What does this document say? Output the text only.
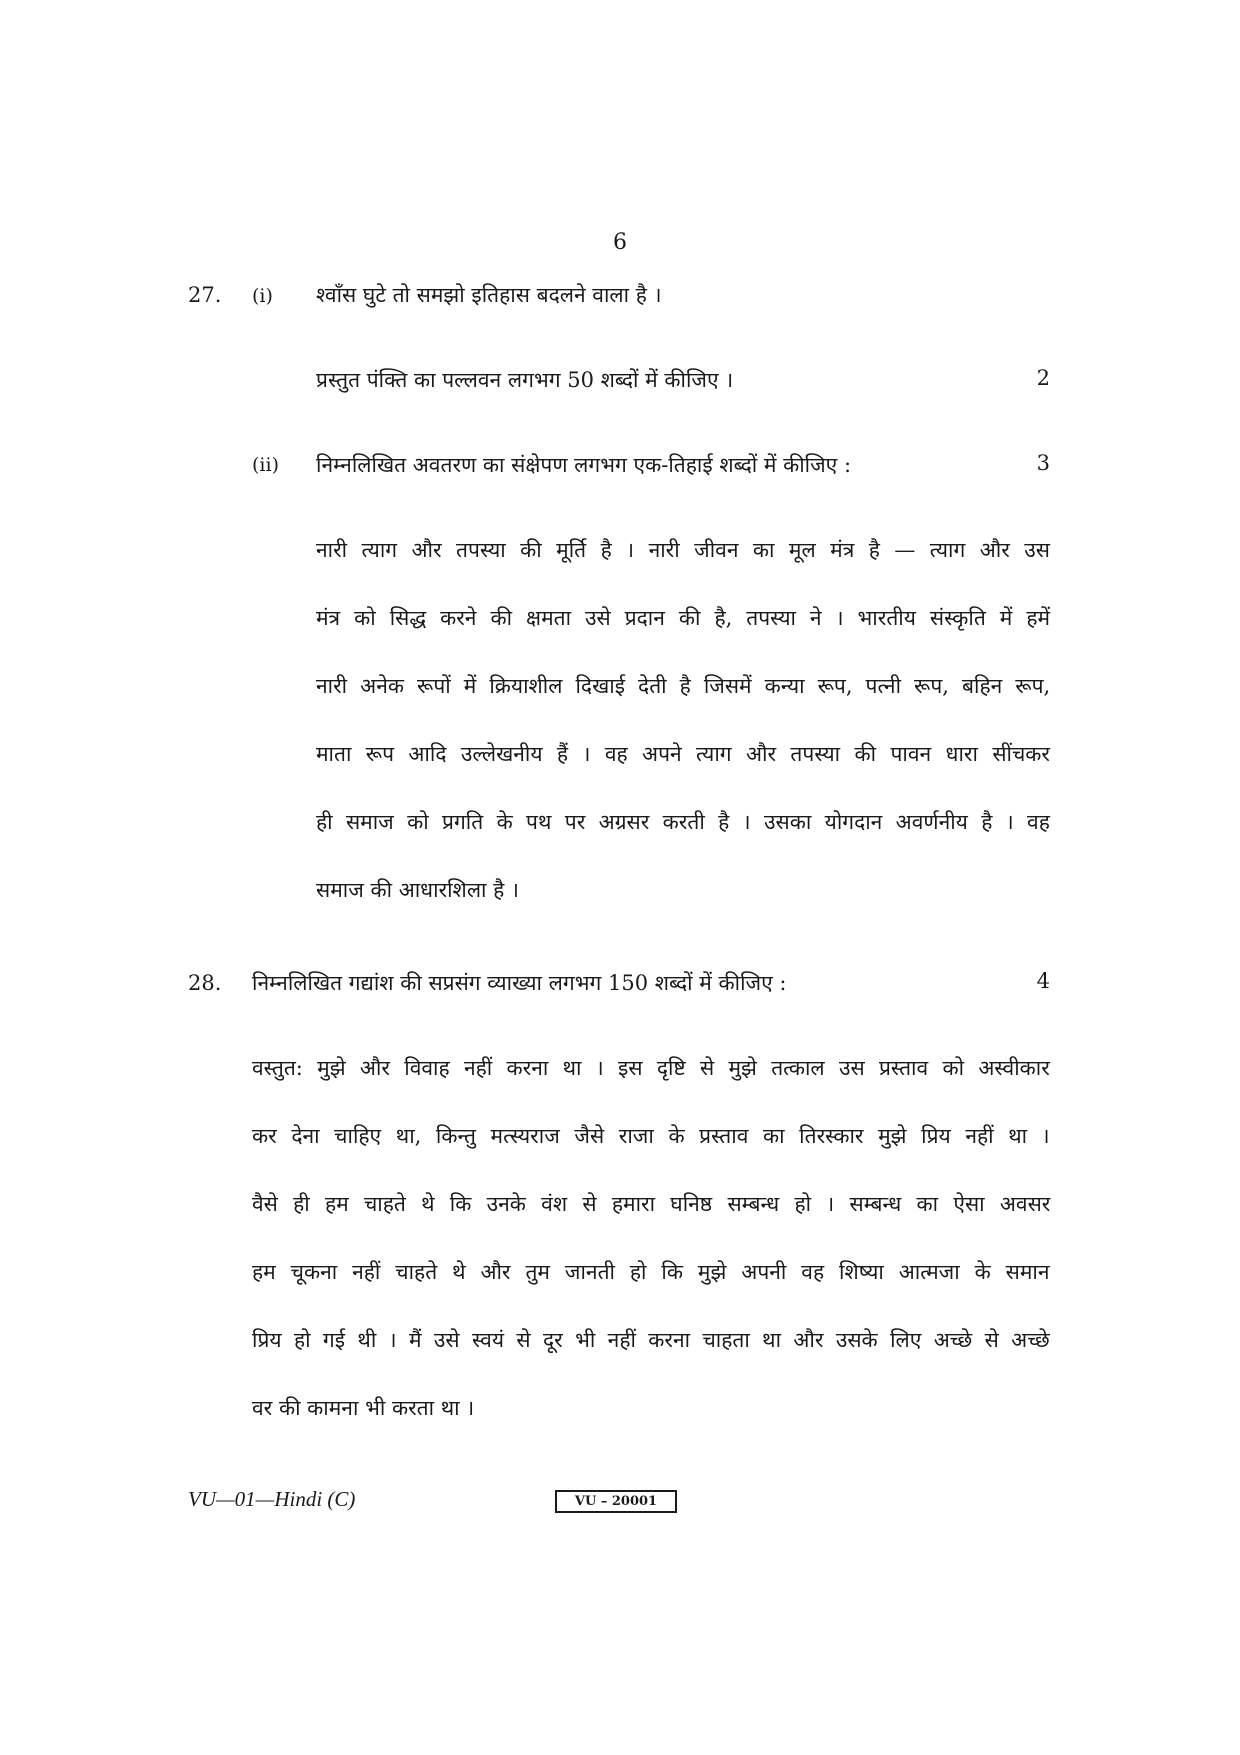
6
27. (i) श्वाँस घुटे तो समझो इतिहास बदलने वाला है ।
प्रस्तुत पंक्ति का पल्लवन लगभग 50 शब्दों में कीजिए ।	2
(ii) निम्नलिखित अवतरण का संक्षेपण लगभग एक-तिहाई शब्दों में कीजिए :	3
नारी त्याग और तपस्या की मूर्ति है । नारी जीवन का मूल मंत्र है — त्याग और उस
मंत्र को सिद्ध करने की क्षमता उसे प्रदान की है, तपस्या ने । भारतीय संस्कृति में हमें
नारी अनेक रूपों में क्रियाशील दिखाई देती है जिसमें कन्या रूप, पत्नी रूप, बहिन रूप,
माता रूप आदि उल्लेखनीय हैं । वह अपने त्याग और तपस्या की पावन धारा सींचकर
ही समाज को प्रगति के पथ पर अग्रसर करती है । उसका योगदान अवर्णनीय है । वह
समाज की आधारशिला है ।
28. निम्नलिखित गद्यांश की सप्रसंग व्याख्या लगभग 150 शब्दों में कीजिए :	4
वस्तुत: मुझे और विवाह नहीं करना था । इस दृष्टि से मुझे तत्काल उस प्रस्ताव को अस्वीकार
कर देना चाहिए था, किन्तु मत्स्यराज जैसे राजा के प्रस्ताव का तिरस्कार मुझे प्रिय नहीं था ।
वैसे ही हम चाहते थे कि उनके वंश से हमारा घनिष्ठ सम्बन्ध हो । सम्बन्ध का ऐसा अवसर
हम चूकना नहीं चाहते थे और तुम जानती हो कि मुझे अपनी वह शिष्या आत्मजा के समान
प्रिय हो गई थी । मैं उसे स्वयं से दूर भी नहीं करना चाहता था और उसके लिए अच्छे से अच्छे
वर की कामना भी करता था ।
VU—01—Hindi (C)	VU – 20001
